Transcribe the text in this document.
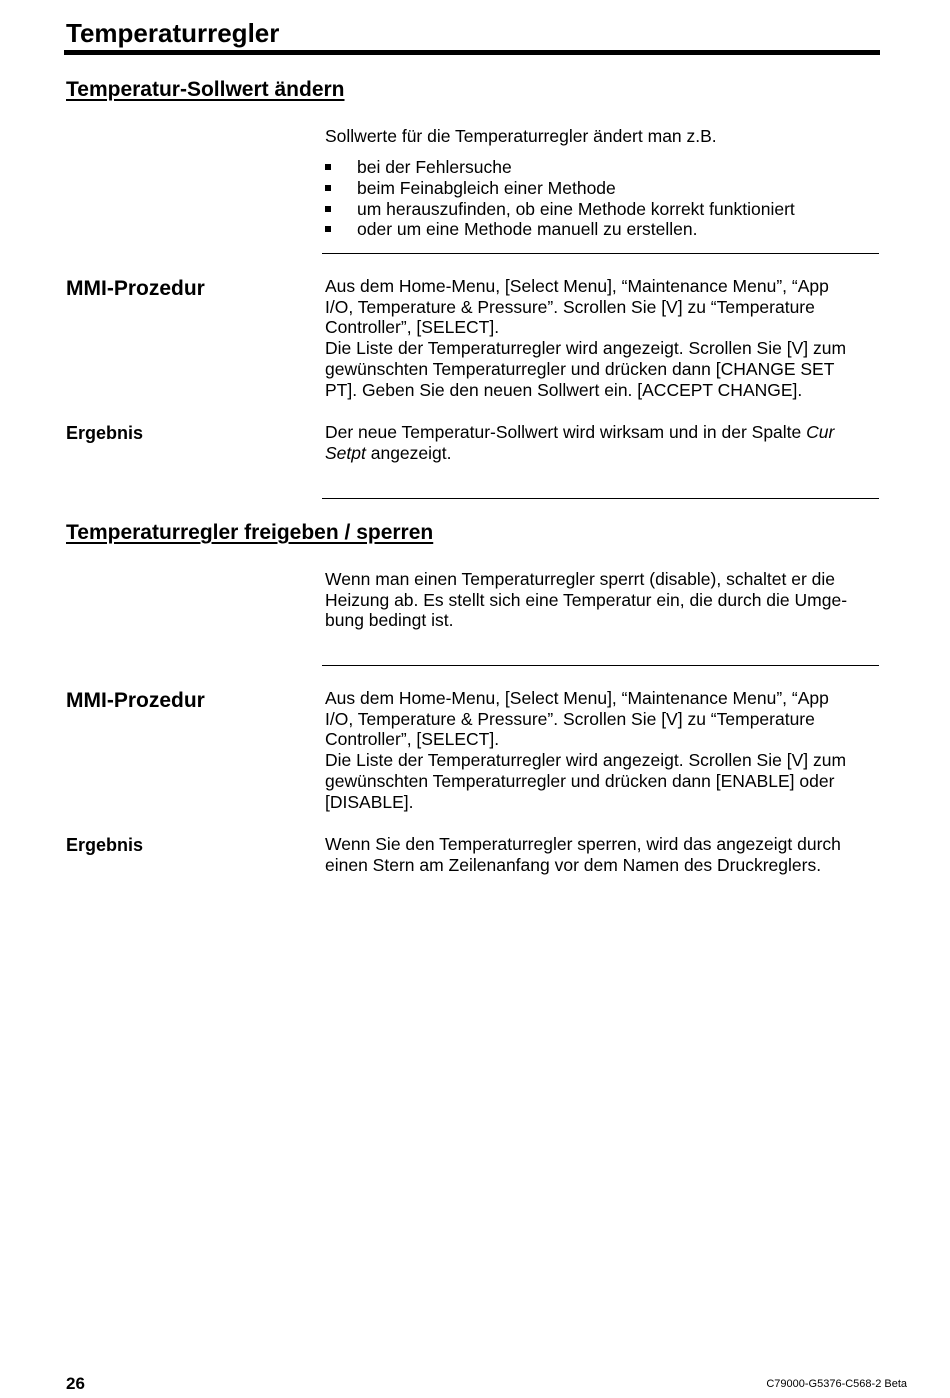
Temperaturregler
Temperatur-Sollwert ändern
Sollwerte für die Temperaturregler ändert man z.B.
bei der Fehlersuche
beim Feinabgleich einer Methode
um herauszufinden, ob eine Methode korrekt funktioniert
oder um eine Methode manuell zu erstellen.
MMI-Prozedur	Aus dem Home-Menu, [Select Menu], “Maintenance Menu”, “App
I/O, Temperature & Pressure”. Scrollen Sie [V] zu “Temperature
Controller”, [SELECT].
Die Liste der Temperaturregler wird angezeigt. Scrollen Sie [V] zum
gewünschten Temperaturregler und drücken dann [CHANGE SET
PT]. Geben Sie den neuen Sollwert ein. [ACCEPT CHANGE].
Ergebnis	Der neue Temperatur-Sollwert wird wirksam und in der Spalte Cur
Setpt angezeigt.
Temperaturregler freigeben / sperren
Wenn man einen Temperaturregler sperrt (disable), schaltet er die
Heizung ab. Es stellt sich eine Temperatur ein, die durch die Umge-
bung bedingt ist.
MMI-Prozedur	Aus dem Home-Menu, [Select Menu], “Maintenance Menu”, “App
I/O, Temperature & Pressure”. Scrollen Sie [V] zu “Temperature
Controller”, [SELECT].
Die Liste der Temperaturregler wird angezeigt. Scrollen Sie [V] zum
gewünschten Temperaturregler und drücken dann [ENABLE] oder
[DISABLE].
Ergebnis	Wenn Sie den Temperaturregler sperren, wird das angezeigt durch
einen Stern am Zeilenanfang vor dem Namen des Druckreglers.
26	C79000-G5376-C568-2 Beta
